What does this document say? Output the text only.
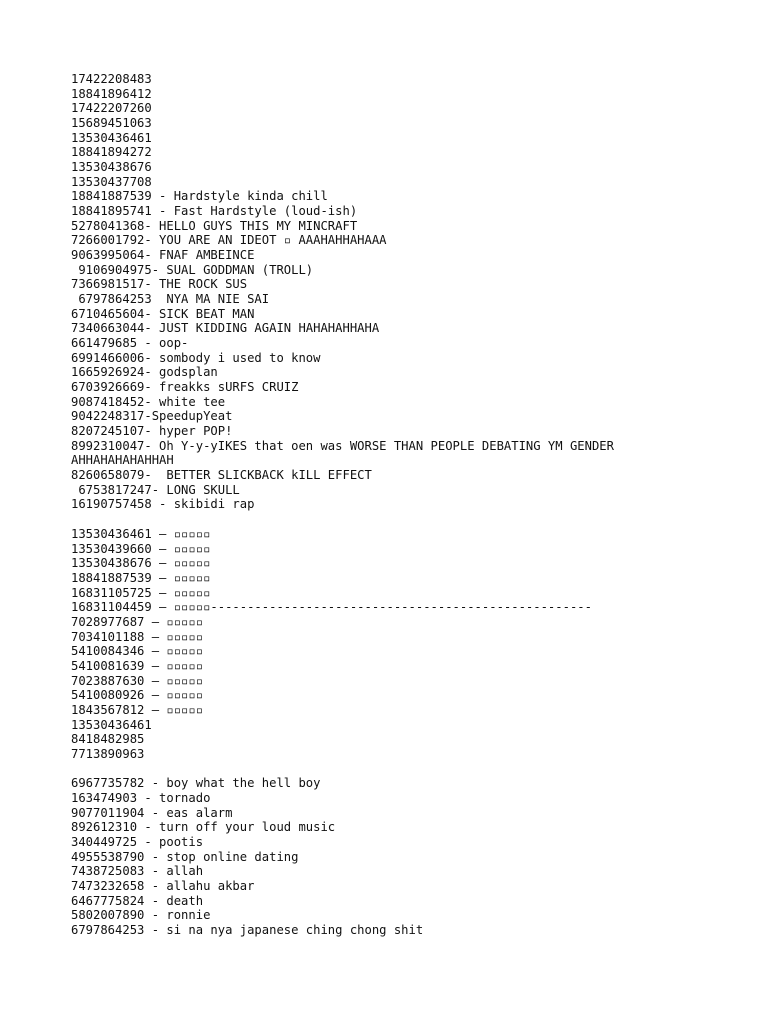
17422208483
18841896412
17422207260
15689451063
13530436461
18841894272
13530438676
13530437708
18841887539 - Hardstyle kinda chill
18841895741 - Fast Hardstyle (loud-ish)
5278041368- HELLO GUYS THIS MY MINCRAFT
7266001792- YOU ARE AN IDEOT ▫ AAAHAHHAHAAA
9063995064- FNAF AMBEINCE
9106904975- SUAL GODDMAN (TROLL)
7366981517- THE ROCK SUS
6797864253  NYA MA NIE SAI
6710465604- SICK BEAT MAN
7340663044- JUST KIDDING AGAIN HAHAHAHHAHA
661479685 - oop-
6991466006- sombody i used to know
1665926924- godsplan
6703926669- freakks sURFS CRUIZ
9087418452- white tee
9042248317-SpeedupYeat
8207245107- hyper POP!
8992310047- Oh Y-y-yIKES that oen was WORSE THAN PEOPLE DEBATING YM GENDER
AHHAHAHAHAHHAH
8260658079-  BETTER SLICKBACK kILL EFFECT
6753817247- LONG SKULL
16190757458 - skibidi rap
13530436461 — ▫▫▫▫▫
13530439660 — ▫▫▫▫▫
13530438676 — ▫▫▫▫▫
18841887539 — ▫▫▫▫▫
16831105725 — ▫▫▫▫▫
16831104459 — ▫▫▫▫▫----------------------------------------------------
7028977687 — ▫▫▫▫▫
7034101188 — ▫▫▫▫▫
5410084346 — ▫▫▫▫▫
5410081639 — ▫▫▫▫▫
7023887630 — ▫▫▫▫▫
5410080926 — ▫▫▫▫▫
1843567812 — ▫▫▫▫▫
13530436461
8418482985
7713890963
6967735782 - boy what the hell boy
163474903 - tornado
9077011904 - eas alarm
892612310 - turn off your loud music
340449725 - pootis
4955538790 - stop online dating
7438725083 - allah
7473232658 - allahu akbar
6467775824 - death
5802007890 - ronnie
6797864253 - si na nya japanese ching chong shit
